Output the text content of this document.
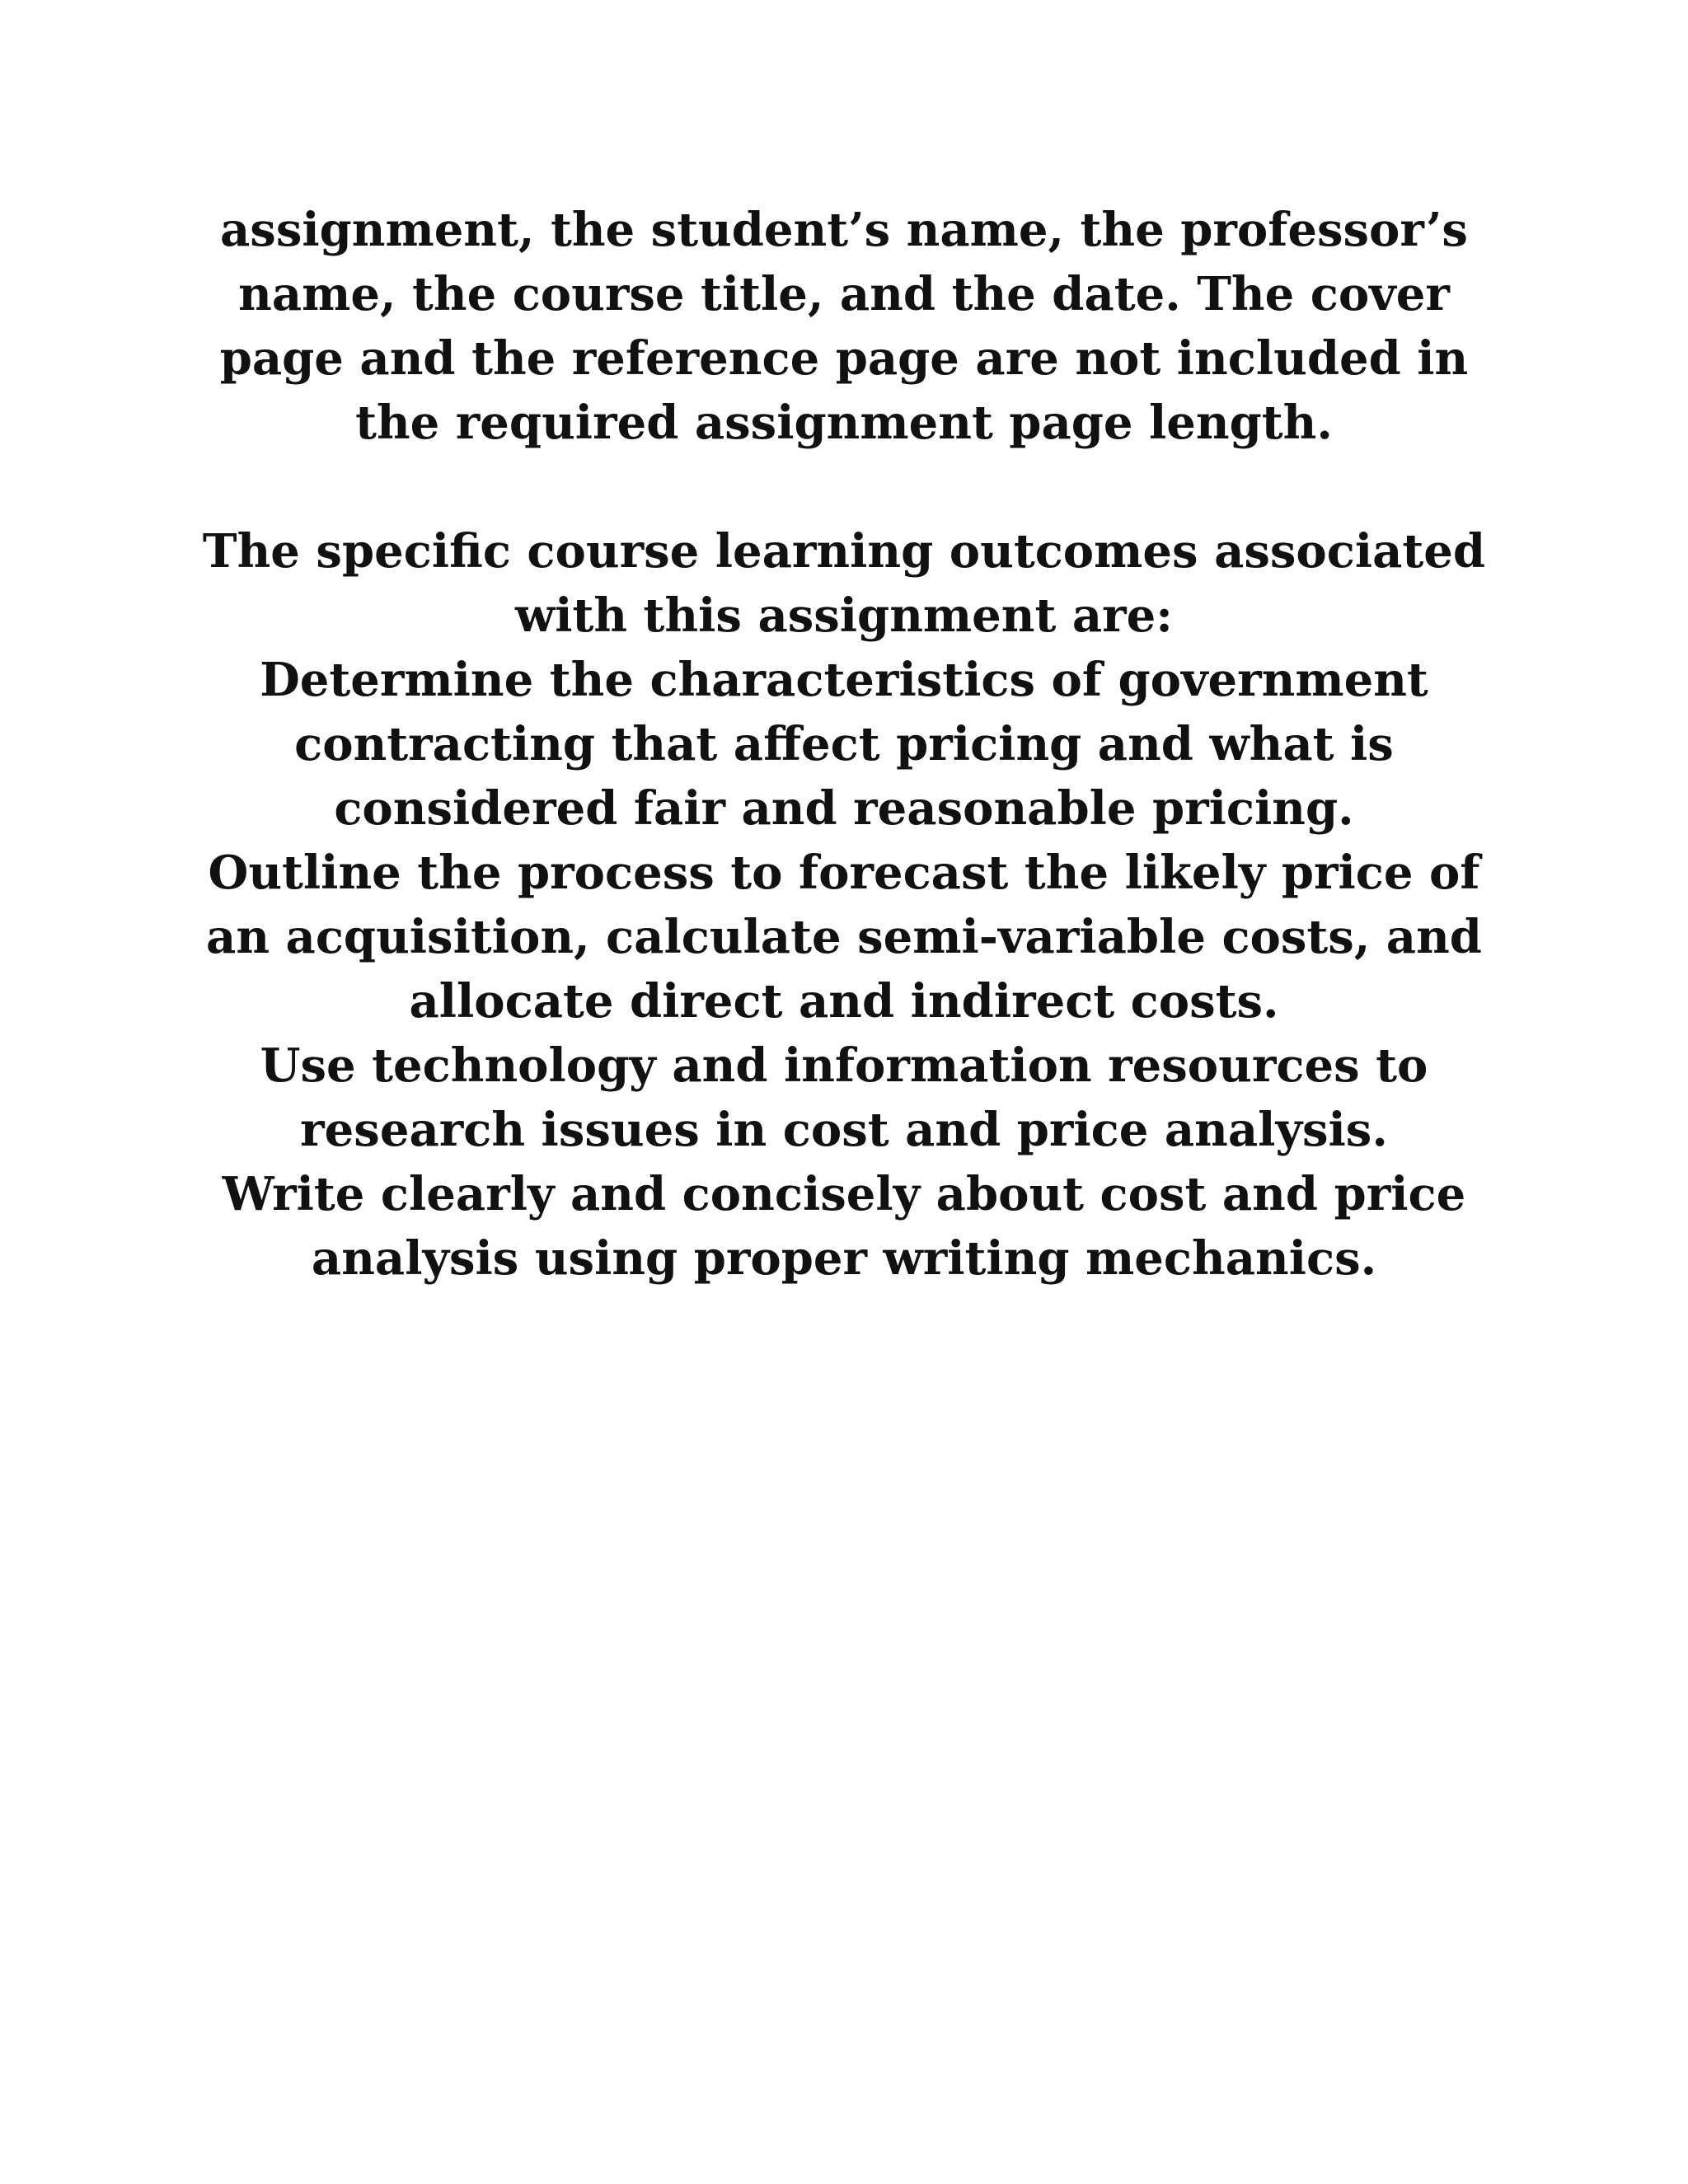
assignment, the student’s name, the professor’s
name, the course title, and the date. The cover
page and the reference page are not included in
the required assignment page length.
The specific course learning outcomes associated
with this assignment are:
Determine the characteristics of government
contracting that affect pricing and what is
considered fair and reasonable pricing.
Outline the process to forecast the likely price of
an acquisition, calculate semi-variable costs, and
allocate direct and indirect costs.
Use technology and information resources to
research issues in cost and price analysis.
Write clearly and concisely about cost and price
analysis using proper writing mechanics.
